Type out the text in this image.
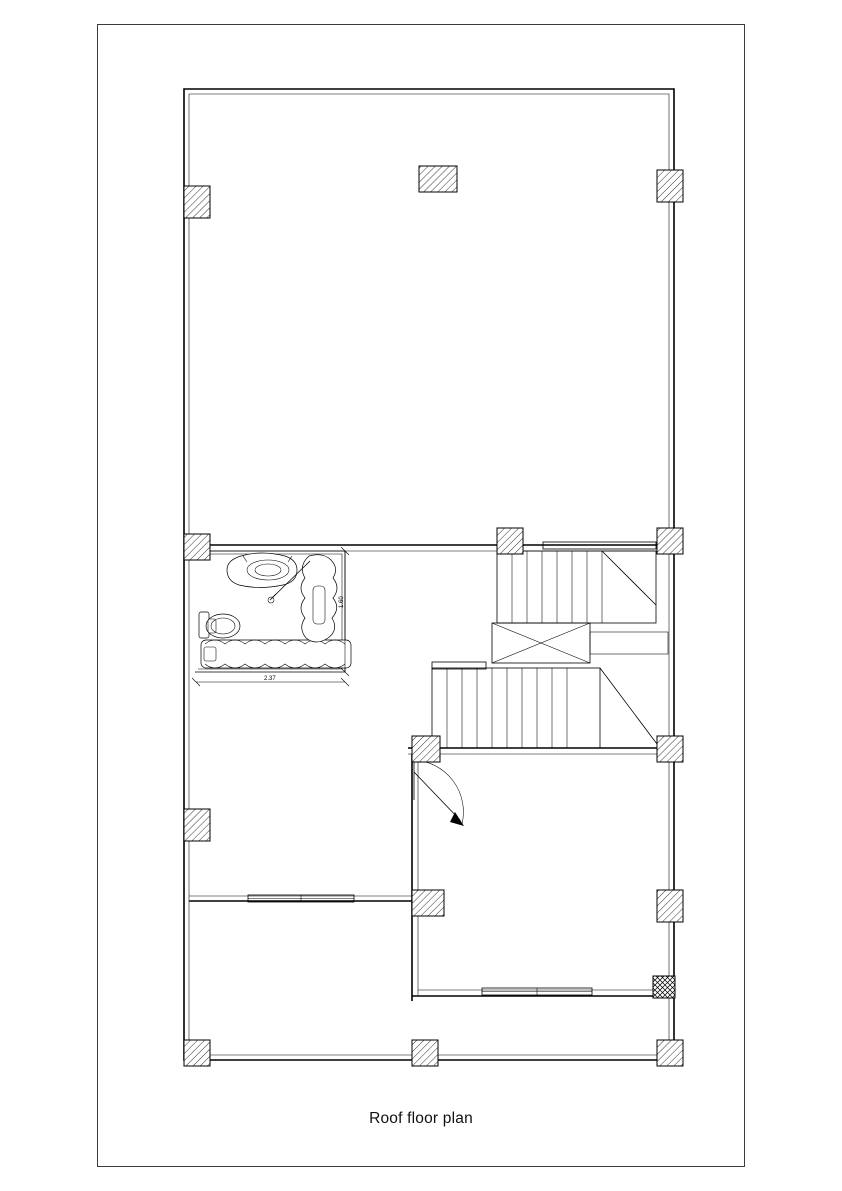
2.37
1.60
Roof floor plan
